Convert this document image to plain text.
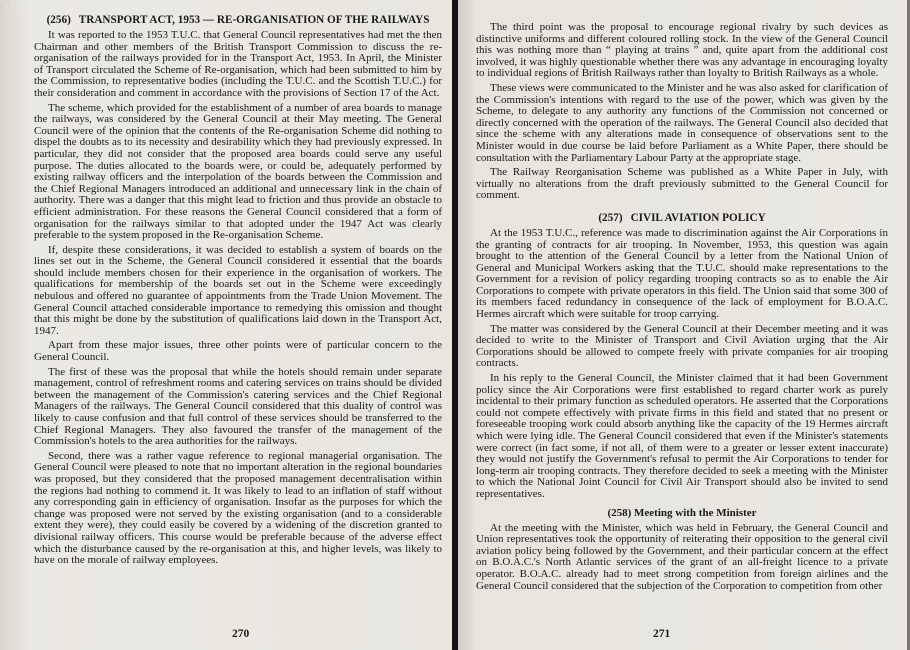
(C) TUC Library Collections
(256) TRANSPORT ACT, 1953 — RE-ORGANISATION OF THE RAILWAYS

It was reported to the 1953 T.U.C. that General Council representatives had met the then Chairman and other members of the British Transport Commission to discuss the re-organisation of the railways provided for in the Transport Act, 1953. In April, the Minister of Transport circulated the Scheme of Re-organisation, which had been submitted to him by the Commission, to representative bodies (including the T.U.C. and the Scottish T.U.C.) for their consideration and comment in accordance with the provisions of Section 17 of the Act.

The scheme, which provided for the establishment of a number of area boards to manage the railways, was considered by the General Council at their May meeting. The General Council were of the opinion that the contents of the Re-organisation Scheme did nothing to dispel the doubts as to its necessity and desirability which they had previously expressed. In particular, they did not consider that the proposed area boards could serve any useful purpose. The duties allocated to the boards were, or could be, adequately performed by existing railway officers and the interpolation of the boards between the Commission and the Chief Regional Managers introduced an additional and unnecessary link in the chain of authority. There was a danger that this might lead to friction and thus provide an obstacle to efficient administration. For these reasons the General Council considered that a form of organisation for the railways similar to that adopted under the 1947 Act was clearly preferable to the system proposed in the Re-organisation Scheme.

If, despite these considerations, it was decided to establish a system of boards on the lines set out in the Scheme, the General Council considered it essential that the boards should include members chosen for their experience in the organisation of workers. The qualifications for membership of the boards set out in the Scheme were exceedingly nebulous and offered no guarantee of appointments from the Trade Union Movement. The General Council attached considerable importance to remedying this omission and thought that this might be done by the substitution of qualifications laid down in the Transport Act, 1947.

Apart from these major issues, three other points were of particular concern to the General Council.

The first of these was the proposal that while the hotels should remain under separate management, control of refreshment rooms and catering services on trains should be divided between the management of the Commission's catering services and the Chief Regional Managers of the railways. The General Council considered that this duality of control was likely to cause confusion and that full control of these services should be transferred to the Chief Regional Managers. They also favoured the transfer of the management of the Commission's hotels to the area authorities for the railways.

Second, there was a rather vague reference to regional managerial organisation. The General Council were pleased to note that no important alteration in the regional boundaries was proposed, but they considered that the proposed management decentralisation within the regions had nothing to commend it. It was likely to lead to an inflation of staff without any corresponding gain in efficiency of organisation. Insofar as the purposes for which the change was proposed were not served by the existing organisation (and to a considerable extent they were), they could easily be covered by a widening of the discretion granted to divisional railway officers. This course would be preferable because of the adverse effect which the disturbance caused by the re-organisation at this, and higher levels, was likely to have on the morale of railway employees.

270

The third point was the proposal to encourage regional rivalry by such devices as distinctive uniforms and different coloured rolling stock. In the view of the General Council this was nothing more than “ playing at trains ” and, quite apart from the additional cost involved, it was highly questionable whether there was any advantage in encouraging loyalty to individual regions of British Railways rather than loyalty to British Railways as a whole.

These views were communicated to the Minister and he was also asked for clarification of the Commission's intentions with regard to the use of the power, which was given by the Scheme, to delegate to any authority any functions of the Commission not concerned or directly concerned with the operation of the railways. The General Council also decided that since the scheme with any alterations made in consequence of observations sent to the Minister would in due course be laid before Parliament as a White Paper, there should be consultation with the Parliamentary Labour Party at the appropriate stage.

The Railway Reorganisation Scheme was published as a White Paper in July, with virtually no alterations from the draft previously submitted to the General Council for comment.

(257) CIVIL AVIATION POLICY

At the 1953 T.U.C., reference was made to discrimination against the Air Corporations in the granting of contracts for air trooping. In November, 1953, this question was again brought to the attention of the General Council by a letter from the National Union of General and Municipal Workers asking that the T.U.C. should make representations to the Government for a revision of policy regarding trooping contracts so as to enable the Air Corporations to compete with private operators in this field. The Union said that some 300 of its members faced redundancy in consequence of the lack of employment for B.O.A.C. Hermes aircraft which were suitable for troop carrying.

The matter was considered by the General Council at their December meeting and it was decided to write to the Minister of Transport and Civil Aviation urging that the Air Corporations should be allowed to compete freely with private companies for air trooping contracts.

In his reply to the General Council, the Minister claimed that it had been Government policy since the Air Corporations were first established to regard charter work as purely incidental to their primary function as scheduled operators. He asserted that the Corporations could not compete effectively with private firms in this field and stated that no present or foreseeable trooping work could absorb anything like the capacity of the 19 Hermes aircraft which were lying idle. The General Council considered that even if the Minister's statements were correct (in fact some, if not all, of them were to a greater or lesser extent inaccurate) they would not justify the Government's refusal to permit the Air Corporations to tender for long-term air trooping contracts. They therefore decided to seek a meeting with the Minister to which the National Joint Council for Civil Air Transport should also be invited to send representatives.

(258) Meeting with the Minister

At the meeting with the Minister, which was held in February, the General Council and Union representatives took the opportunity of reiterating their opposition to the general civil aviation policy being followed by the Government, and their particular concern at the effect on B.O.A.C.'s North Atlantic services of the grant of an all-freight licence to a private operator. B.O.A.C. already had to meet strong competition from foreign airlines and the General Council considered that the subjection of the Corporation to competition from other

271
